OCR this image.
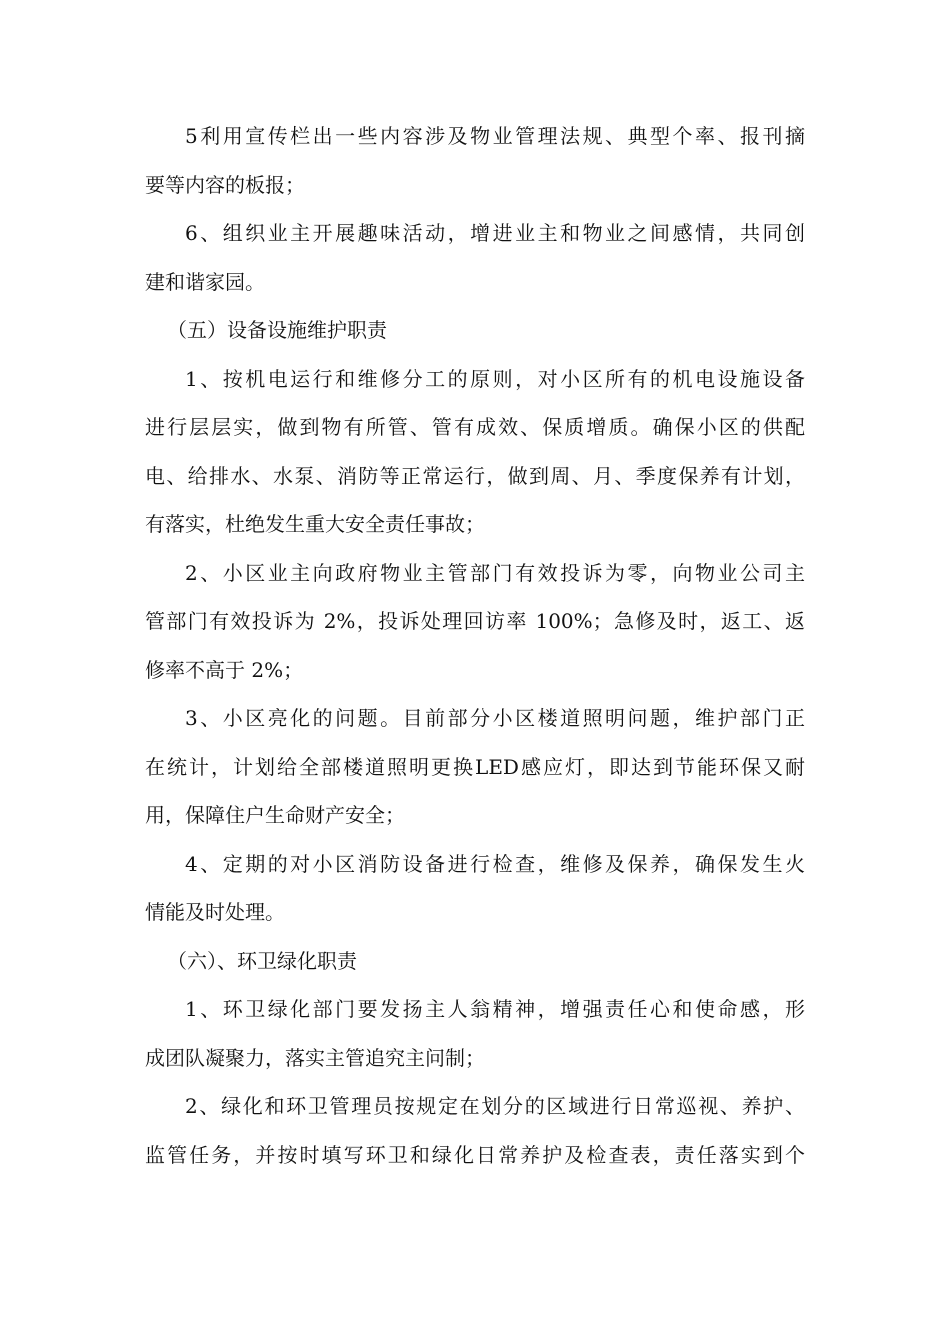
5利用宣传栏出一些内容涉及物业管理法规、典型个率、报刊摘
要等内容的板报；
6、组织业主开展趣味活动，增进业主和物业之间感情，共同创
建和谐家园。
（五）设备设施维护职责
1、按机电运行和维修分工的原则，对小区所有的机电设施设备
进行层层实，做到物有所管、管有成效、保质增质。确保小区的供配
电、给排水、水泵、消防等正常运行，做到周、月、季度保养有计划，
有落实，杜绝发生重大安全责任事故；
2、小区业主向政府物业主管部门有效投诉为零，向物业公司主
管部门有效投诉为 2%，投诉处理回访率 100%；急修及时，返工、返
修率不高于 2%；
3、小区亮化的问题。目前部分小区楼道照明问题，维护部门正
在统计，计划给全部楼道照明更换LED感应灯，即达到节能环保又耐
用，保障住户生命财产安全；
4、定期的对小区消防设备进行检查，维修及保养，确保发生火
情能及时处理。
（六）、环卫绿化职责
1、环卫绿化部门要发扬主人翁精神，增强责任心和使命感，形
成团队凝聚力，落实主管追究主问制；
2、绿化和环卫管理员按规定在划分的区域进行日常巡视、养护、
监管任务，并按时填写环卫和绿化日常养护及检查表，责任落实到个
